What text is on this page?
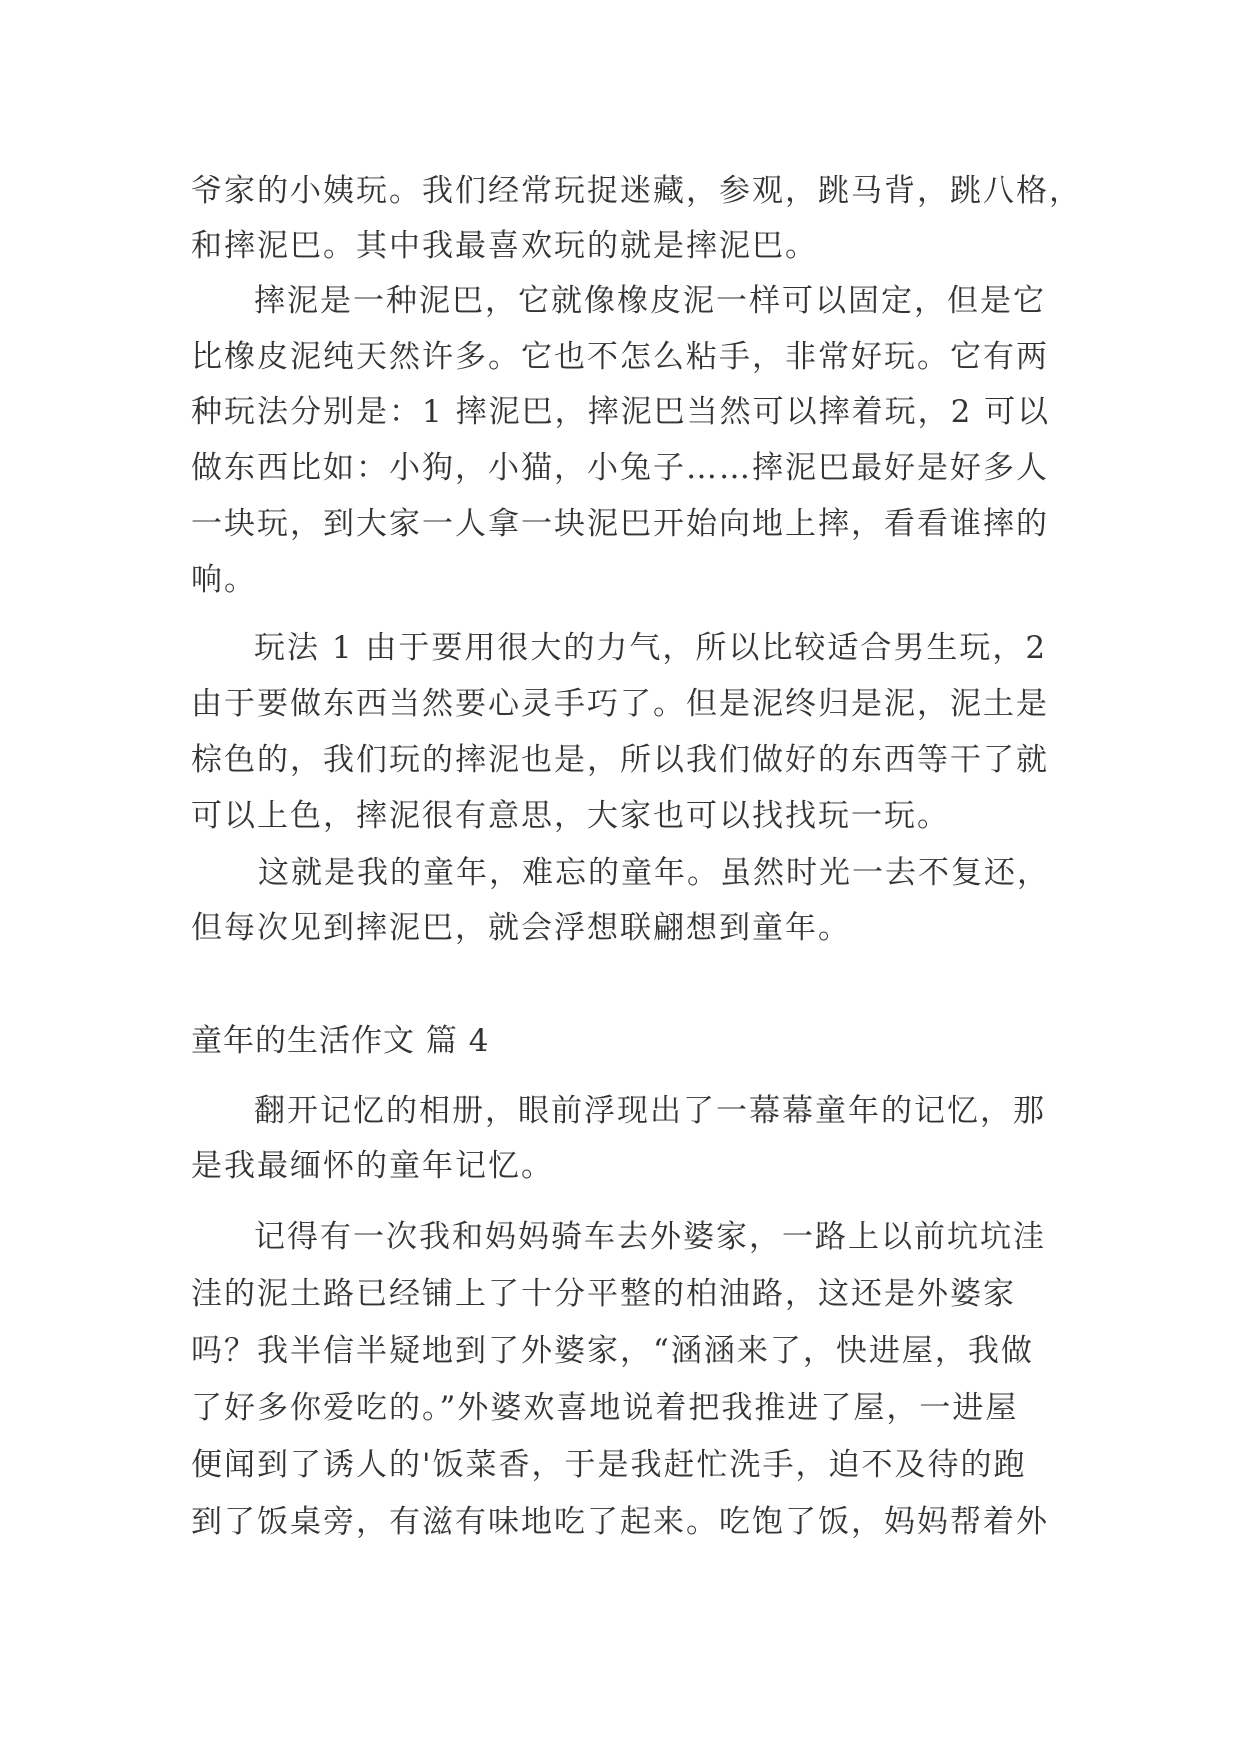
爷家的小姨玩。我们经常玩捉迷藏，参观，跳马背，跳八格，
和摔泥巴。其中我最喜欢玩的就是摔泥巴。
摔泥是一种泥巴，它就像橡皮泥一样可以固定，但是它
比橡皮泥纯天然许多。它也不怎么粘手，非常好玩。它有两
种玩法分别是：1 摔泥巴，摔泥巴当然可以摔着玩，2 可以
做东西比如：小狗，小猫，小兔子……摔泥巴最好是好多人
一块玩，到大家一人拿一块泥巴开始向地上摔，看看谁摔的
响。
玩法 1 由于要用很大的力气，所以比较适合男生玩，2
由于要做东西当然要心灵手巧了。但是泥终归是泥，泥土是
棕色的，我们玩的摔泥也是，所以我们做好的东西等干了就
可以上色，摔泥很有意思，大家也可以找找玩一玩。
这就是我的童年，难忘的童年。虽然时光一去不复还，
但每次见到摔泥巴，就会浮想联翩想到童年。
童年的生活作文 篇 4
翻开记忆的相册，眼前浮现出了一幕幕童年的记忆，那
是我最缅怀的童年记忆。
记得有一次我和妈妈骑车去外婆家，一路上以前坑坑洼
洼的泥土路已经铺上了十分平整的柏油路，这还是外婆家
吗？我半信半疑地到了外婆家，“涵涵来了，快进屋，我做
了好多你爱吃的。”外婆欢喜地说着把我推进了屋，一进屋
便闻到了诱人的'饭菜香，于是我赶忙洗手，迫不及待的跑
到了饭桌旁，有滋有味地吃了起来。吃饱了饭，妈妈帮着外
